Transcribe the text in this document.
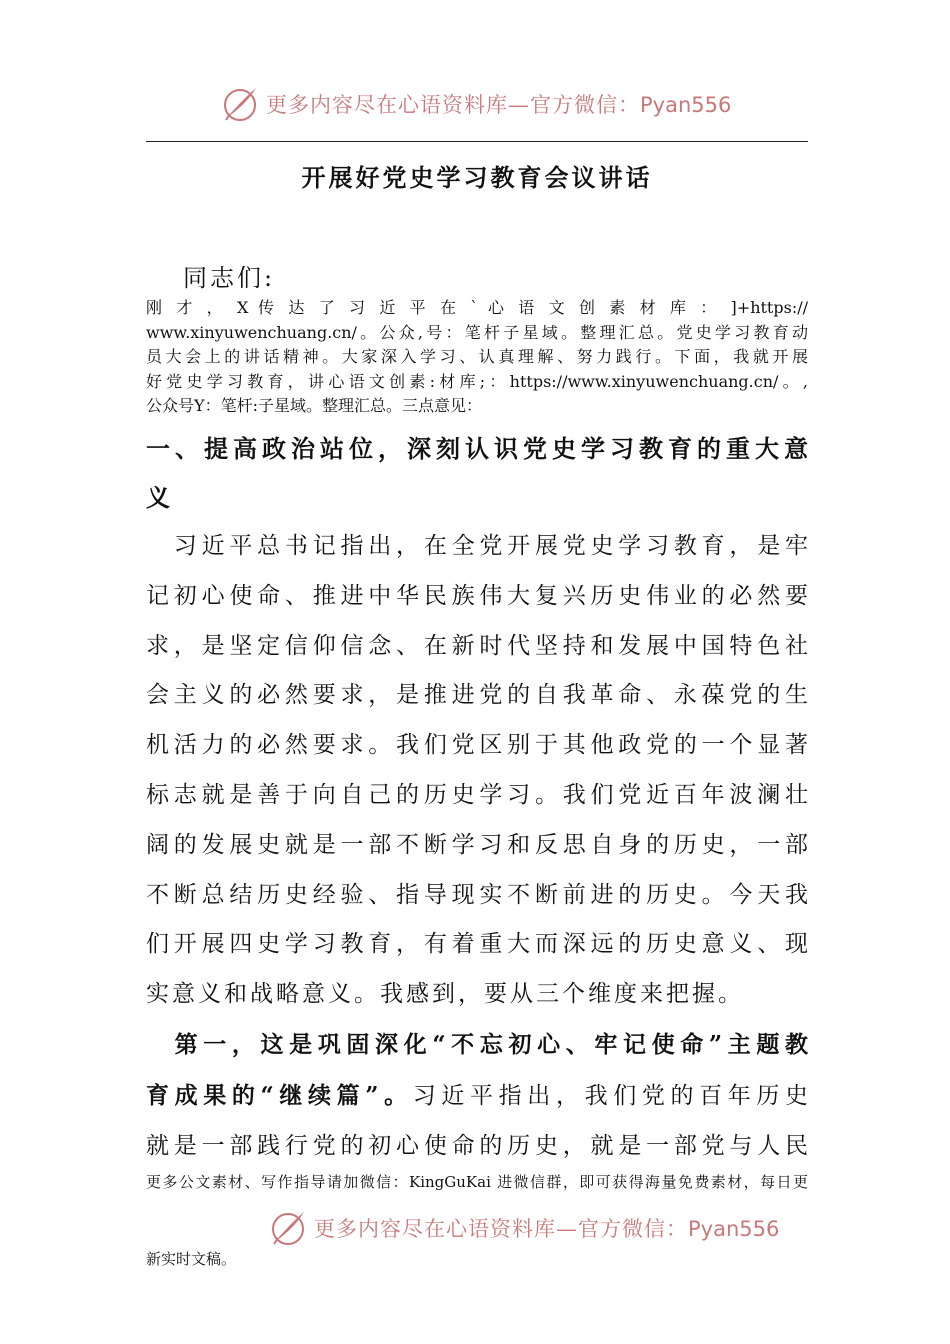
更多内容尽在心语资料库—官方微信：Pyan556
开展好党史学习教育会议讲话
同志们:
刚 才 ， X 传 达 了 习 近 平 在 ` 心 语 文 创 素 材 库 ： ]+https://
www.xinyuwenchuang.cn/。公众,号：笔杆子星域。整理汇总。党史学习教育动
员大会上的讲话精神。大家深入学习、认真理解、努力践行。下面，我就开展
好党史学习教育，讲心语文创素:材库;：https://www.xinyuwenchuang.cn/。,
公众号Y：笔杆:子星域。整理汇总。三点意见：
一、提高政治站位，深刻认识党史学习教育的重大意
义
　习近平总书记指出，在全党开展党史学习教育，是牢
记初心使命、推进中华民族伟大复兴历史伟业的必然要
求，是坚定信仰信念、在新时代坚持和发展中国特色社
会主义的必然要求，是推进党的自我革命、永葆党的生
机活力的必然要求。我们党区别于其他政党的一个显著
标志就是善于向自己的历史学习。我们党近百年波澜壮
阔的发展史就是一部不断学习和反思自身的历史，一部
不断总结历史经验、指导现实不断前进的历史。今天我
们开展四史学习教育，有着重大而深远的历史意义、现
实意义和战略意义。我感到，要从三个维度来把握。
　第一，这是巩固深化“不忘初心、牢记使命”主题教
育成果的“继续篇”。习近平指出，我们党的百年历史
就是一部践行党的初心使命的历史，就是一部党与人民
更多公文素材、写作指导请加微信：KingGuKai 进微信群，即可获得海量免费素材，每日更
更多内容尽在心语资料库—官方微信：Pyan556
新实时文稿。
